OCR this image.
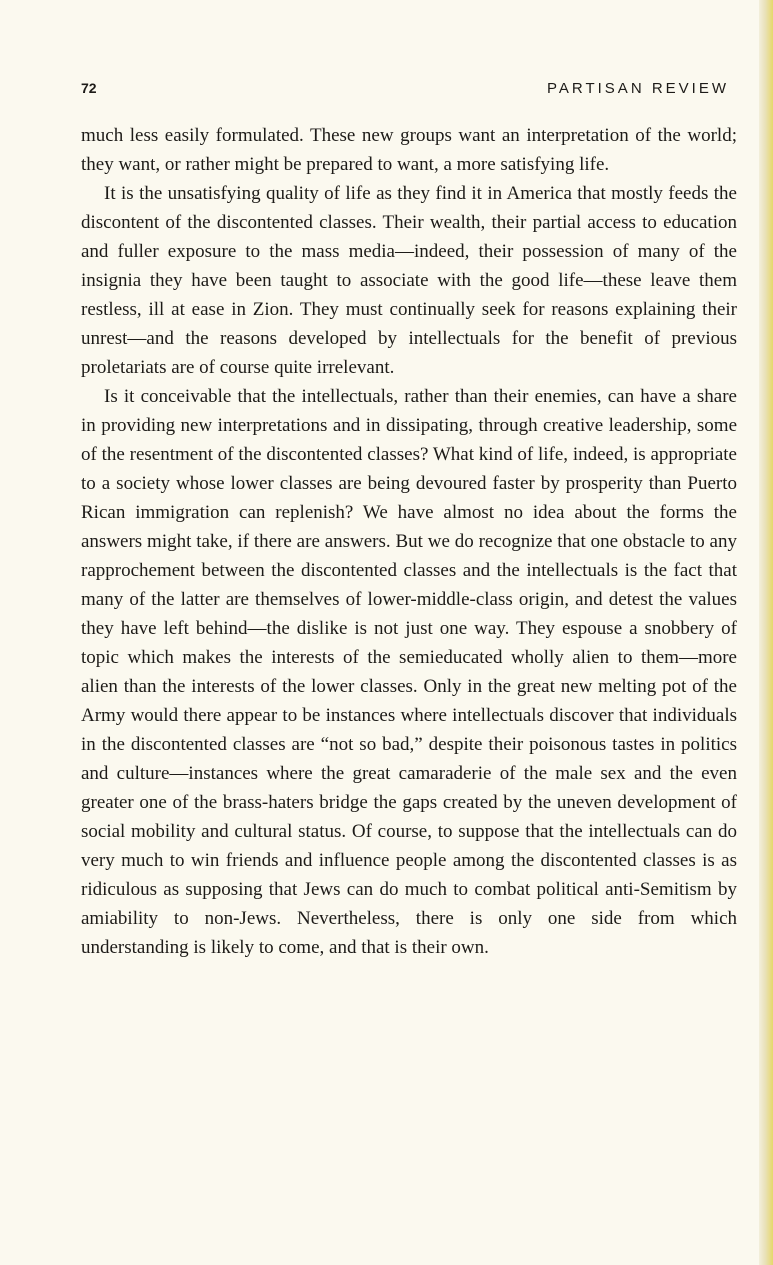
72	PARTISAN REVIEW

much less easily formulated. These new groups want an interpretation of the world; they want, or rather might be prepared to want, a more satisfying life.

It is the unsatisfying quality of life as they find it in America that mostly feeds the discontent of the discontented classes. Their wealth, their partial access to education and fuller exposure to the mass media—indeed, their possession of many of the insignia they have been taught to associate with the good life—these leave them restless, ill at ease in Zion. They must continually seek for reasons explaining their unrest—and the reasons developed by intellectuals for the benefit of previous proletariats are of course quite irrelevant.

Is it conceivable that the intellectuals, rather than their enemies, can have a share in providing new interpretations and in dissipating, through creative leadership, some of the resentment of the discontented classes? What kind of life, indeed, is appropriate to a society whose lower classes are being devoured faster by prosperity than Puerto Rican immigration can replenish? We have almost no idea about the forms the answers might take, if there are answers. But we do recognize that one obstacle to any rapprochement between the discontented classes and the intellectuals is the fact that many of the latter are themselves of lower-middle-class origin, and detest the values they have left behind—the dislike is not just one way. They espouse a snobbery of topic which makes the interests of the semieducated wholly alien to them—more alien than the interests of the lower classes. Only in the great new melting pot of the Army would there appear to be instances where intellectuals discover that individuals in the discontented classes are “not so bad,” despite their poisonous tastes in politics and culture—instances where the great camaraderie of the male sex and the even greater one of the brass-haters bridge the gaps created by the uneven development of social mobility and cultural status. Of course, to suppose that the intellectuals can do very much to win friends and influence people among the discontented classes is as ridiculous as supposing that Jews can do much to combat political anti-Semitism by amiability to non-Jews. Nevertheless, there is only one side from which understanding is likely to come, and that is their own.
